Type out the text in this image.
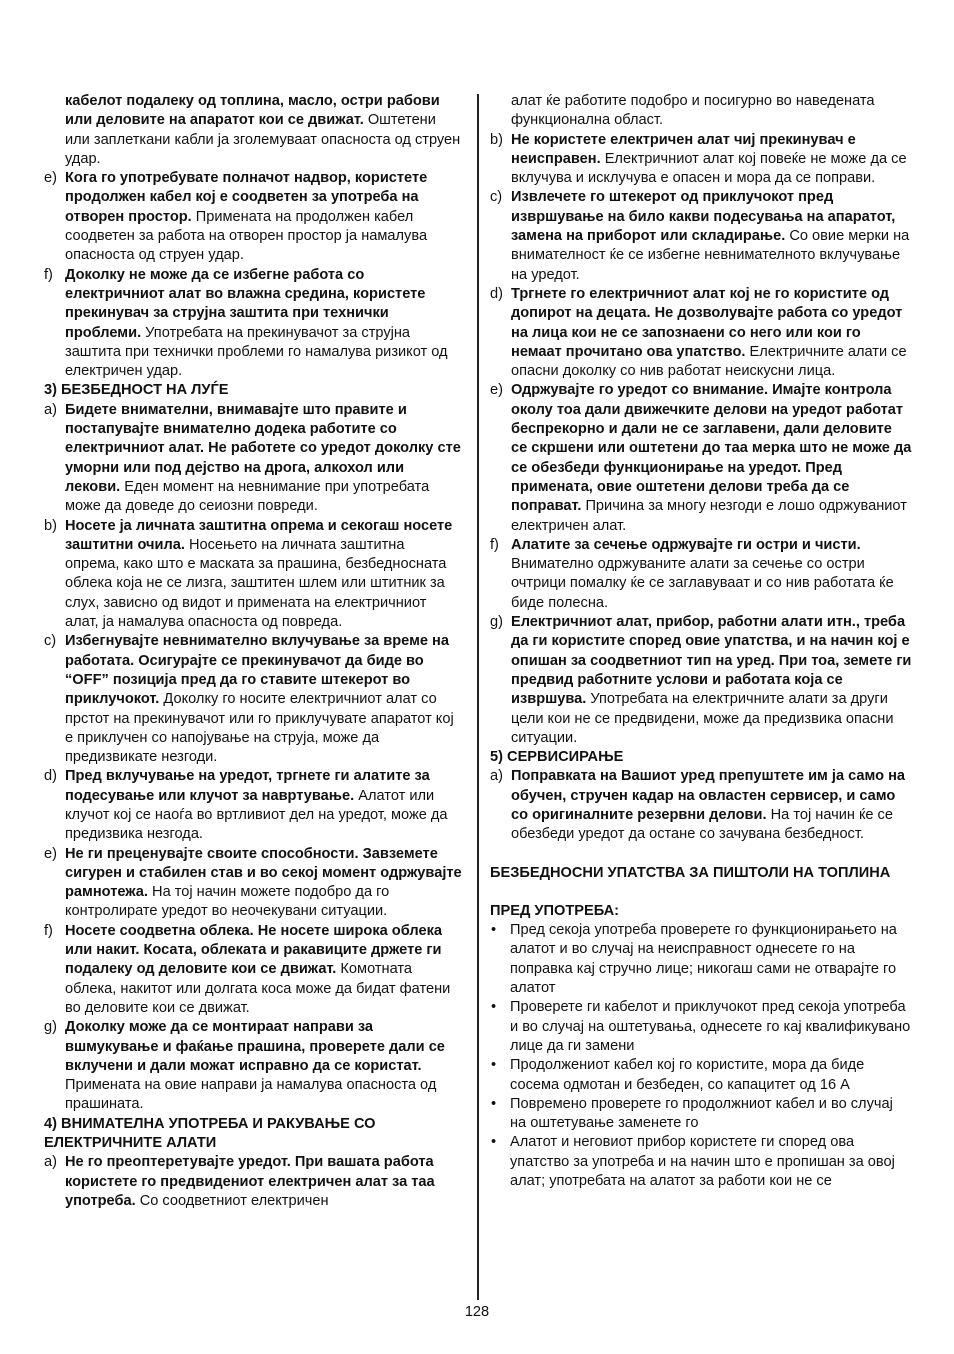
кабелот подалеку од топлина, масло, остри рабови или деловите на апаратот кои се движат. Оштетени или заплеткани кабли ја зголемуваат опасноста од струен удар.
e) Кога го употребувате полначот надвор, користете продолжен кабел кој е соодветен за употреба на отворен простор. Примената на продолжен кабел соодветен за работа на отворен простор ја намалува опасноста од струен удар.
f) Доколку не може да се избегне работа со електричниот алат во влажна средина, користете прекинувач за струјна заштита при технички проблеми. Употребата на прекинувачот за струјна заштита при технички проблеми го намалува ризикот од електричен удар.
3) БЕЗБЕДНОСТ НА ЛУЃЕ
a) Бидете внимателни, внимавајте што правите и постапувајте внимателно додека работите со електричниот алат. Не работете со уредот доколку сте уморни или под дејство на дрога, алкохол или лекови. Еден момент на невнимание при употребата може да доведе до сеиозни повреди.
b) Носете ја личната заштитна опрема и секогаш носете заштитни очила. Носењето на личната заштитна опрема, како што е маската за прашина, безбедносната облека која не се лизга, заштитен шлем или штитник за слух, зависно од видот и примената на електричниот алат, ја намалува опасноста од повреда.
c) Избегнувајте невнимателно вклучување за време на работата. Осигурајте се прекинувачот да биде во “OFF” позиција пред да го ставите штекерот во приклучокот. Доколку го носите електричниот алат со прстот на прекинувачот или го приклучувате апаратот кој е приклучен со напојување на струја, може да предизвикате незгоди.
d) Пред вклучување на уредот, тргнете ги алатите за подесување или клучот за навртување. Алатот или клучот кој се наоѓа во вртливиот дел на уредот, може да предизвика незгода.
e) Не ги преценувајте своите способности. Завземете сигурен и стабилен став и во секој момент одржувајте рамнотежа. На тој начин можете подобро да го контролирате уредот во неочекувани ситуации.
f) Носете соодветна облека. Не носете широка облека или накит. Косата, облеката и ракавиците држете ги подалеку од деловите кои се движат. Комотната облека, накитот или долгата коса може да бидат фатени во деловите кои се движат.
g) Доколку може да се монтираат направи за вшмукување и фаќање прашина, проверете дали се вклучени и дали можат исправно да се користат. Примената на овие направи ја намалува опасноста од прашината.
4) ВНИМАТЕЛНА УПОТРЕБА И РАКУВАЊЕ СО ЕЛЕКТРИЧНИТЕ АЛАТИ
a) Не го преоптеретувајте уредот. При вашата работа користете го предвидениот електричен алат за таа употреба. Со соодветниот електричен
алат ќе работите подобро и посигурно во наведената функционална област.
b) Не користете електричен алат чиј прекинувач е неисправен. Електричниот алат кој повеќе не може да се вклучува и исклучува е опасен и мора да се поправи.
c) Извлечете го штекерот од приклучокот пред извршување на било какви подесувања на апаратот, замена на приборот или складирање. Со овие мерки на внимателност ќе се избегне невнимателното вклучување на уредот.
d) Тргнете го електричниот алат кој не го користите од допирот на децата. Не дозволувајте работа со уредот на лица кои не се запознаени со него или кои го немаат прочитано ова упатство. Електричните алати се опасни доколку со нив работат неискусни лица.
e) Одржувајте го уредот со внимание. Имајте контрола околу тоа дали движечките делови на уредот работат беспрекорно и дали не се заглавени, дали деловите се скршени или оштетени до таа мерка што не може да се обезбеди функционирање на уредот. Пред примената, овие оштетени делови треба да се поправат. Причина за многу незгоди е лошо одржуваниот електричен алат.
f) Алатите за сечење одржувајте ги остри и чисти. Внимателно одржуваните алати за сечење со остри очтрици помалку ќе се заглавуваат и со нив работата ќе биде полесна.
g) Електричниот алат, прибор, работни алати итн., треба да ги користите според овие упатства, и на начин кој е опишан за соодветниот тип на уред. При тоа, земете ги предвид работните услови и работата која се извршува. Употребата на електричните алати за други цели кои не се предвидени, може да предизвика опасни ситуации.
5) СЕРВИСИРАЊЕ
a) Поправката на Вашиот уред препуштете им ја само на обучен, стручен кадар на овластен сервисер, и само со оригиналните резервни делови. На тој начин ќе се обезбеди уредот да остане со зачувана безбедност.
БЕЗБЕДНОСНИ УПАТСТВА ЗА ПИШТОЛИ НА ТОПЛИНА
ПРЕД УПОТРЕБА:
• Пред секоја употреба проверете го функционирањето на алатот и во случај на неисправност однесете го на поправка кај стручно лице; никогаш сами не отварајте го алатот
• Проверете ги кабелот и приклучокот пред секоја употреба и во случај на оштетувања, однесете го кај квалификувано лице да ги замени
• Продолжениот кабел кој го користите, мора да биде сосема одмотан и безбеден, со капацитет од 16 A
• Повремено проверете го продолжниот кабел и во случај на оштетување заменете го
• Алатот и неговиот прибор користете ги според ова упатство за употреба и на начин што е пропишан за овој алат; употребата на алатот за работи кои не се
128
